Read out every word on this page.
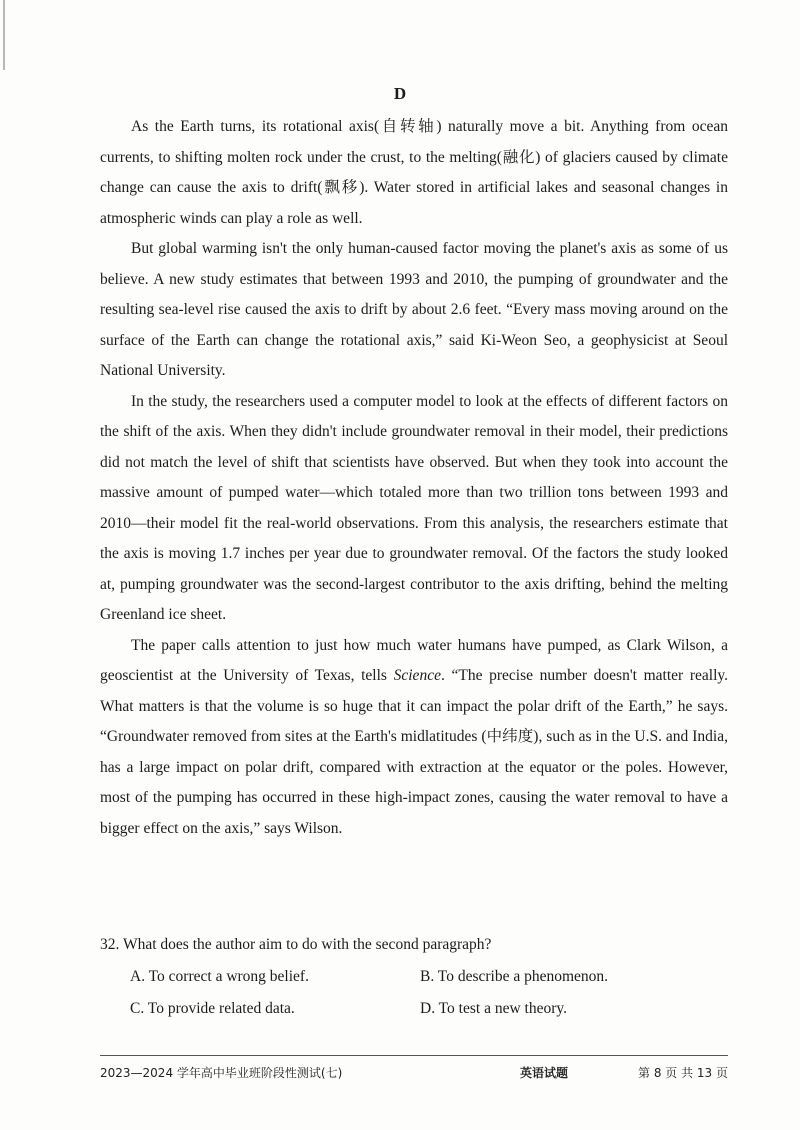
D

As the Earth turns, its rotational axis(自转轴) naturally move a bit. Anything from ocean currents, to shifting molten rock under the crust, to the melting(融化) of glaciers caused by climate change can cause the axis to drift(飘移). Water stored in artificial lakes and seasonal changes in atmospheric winds can play a role as well.

But global warming isn't the only human-caused factor moving the planet's axis as some of us believe. A new study estimates that between 1993 and 2010, the pumping of groundwater and the resulting sea-level rise caused the axis to drift by about 2.6 feet. “Every mass moving around on the surface of the Earth can change the rotational axis,” said Ki-Weon Seo, a geophysicist at Seoul National University.

In the study, the researchers used a computer model to look at the effects of different factors on the shift of the axis. When they didn't include groundwater removal in their model, their predictions did not match the level of shift that scientists have observed. But when they took into account the massive amount of pumped water—which totaled more than two trillion tons between 1993 and 2010—their model fit the real-world observations. From this analysis, the researchers estimate that the axis is moving 1.7 inches per year due to groundwater removal. Of the factors the study looked at, pumping groundwater was the second-largest contributor to the axis drifting, behind the melting Greenland ice sheet.

The paper calls attention to just how much water humans have pumped, as Clark Wilson, a geoscientist at the University of Texas, tells Science. “The precise number doesn't matter really. What matters is that the volume is so huge that it can impact the polar drift of the Earth,” he says. “Groundwater removed from sites at the Earth's midlatitudes (中纬度), such as in the U.S. and India, has a large impact on polar drift, compared with extraction at the equator or the poles. However, most of the pumping has occurred in these high-impact zones, causing the water removal to have a bigger effect on the axis,” says Wilson.

32. What does the author aim to do with the second paragraph?

A. To correct a wrong belief.	B. To describe a phenomenon.
C. To provide related data.	D. To test a new theory.
2023—2024 学年高中毕业班阶段性测试(七)	英语试题	第 8 页 共 13 页
